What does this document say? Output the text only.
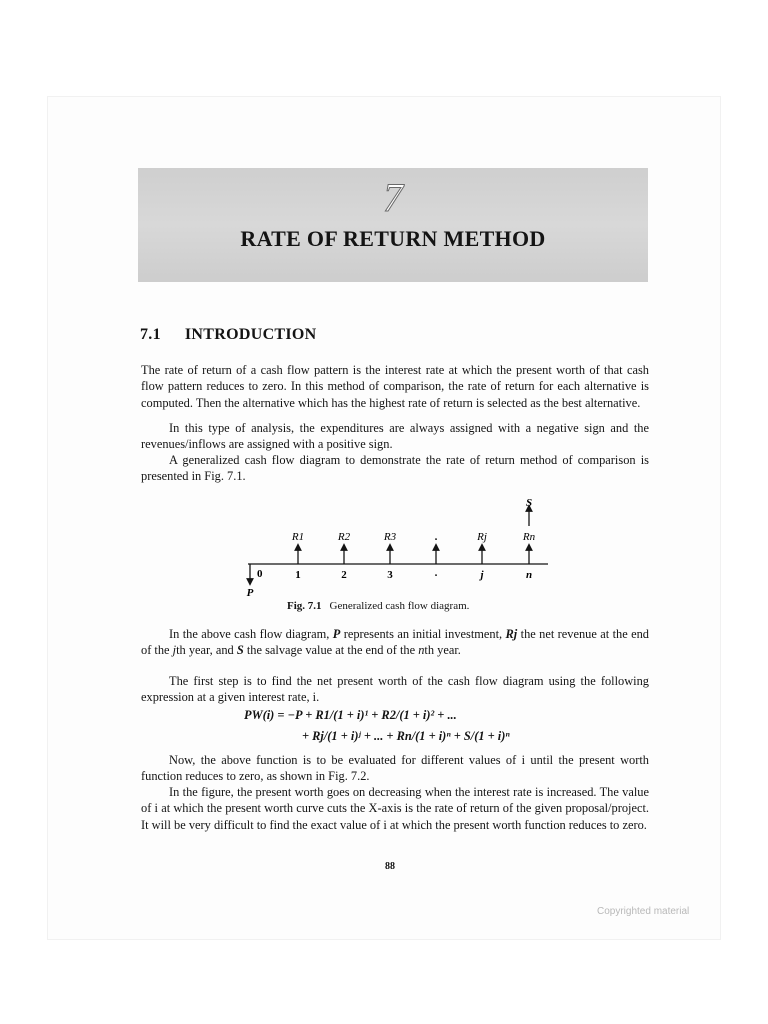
7
RATE OF RETURN METHOD
7.1 INTRODUCTION

The rate of return of a cash flow pattern is the interest rate at which the present worth of that cash flow pattern reduces to zero. In this method of comparison, the rate of return for each alternative is computed. Then the alternative which has the highest rate of return is selected as the best alternative.

In this type of analysis, the expenditures are always assigned with a negative sign and the revenues/inflows are assigned with a positive sign.

A generalized cash flow diagram to demonstrate the rate of return method of comparison is presented in Fig. 7.1.

R1	R2	R3	.	Rj	Rn
S
0	1	2	3	.	j	n
P
Fig. 7.1 Generalized cash flow diagram.

In the above cash flow diagram, P represents an initial investment, Rj the net revenue at the end of the jth year, and S the salvage value at the end of the nth year.

The first step is to find the net present worth of the cash flow diagram using the following expression at a given interest rate, i.

PW(i) = −P + R1/(1 + i)¹ + R2/(1 + i)² + ...
+ Rj/(1 + i)ʲ + ... + Rn/(1 + i)ⁿ + S/(1 + i)ⁿ

Now, the above function is to be evaluated for different values of i until the present worth function reduces to zero, as shown in Fig. 7.2.

In the figure, the present worth goes on decreasing when the interest rate is increased. The value of i at which the present worth curve cuts the X-axis is the rate of return of the given proposal/project. It will be very difficult to find the exact value of i at which the present worth function reduces to zero.

88
Copyrighted material
